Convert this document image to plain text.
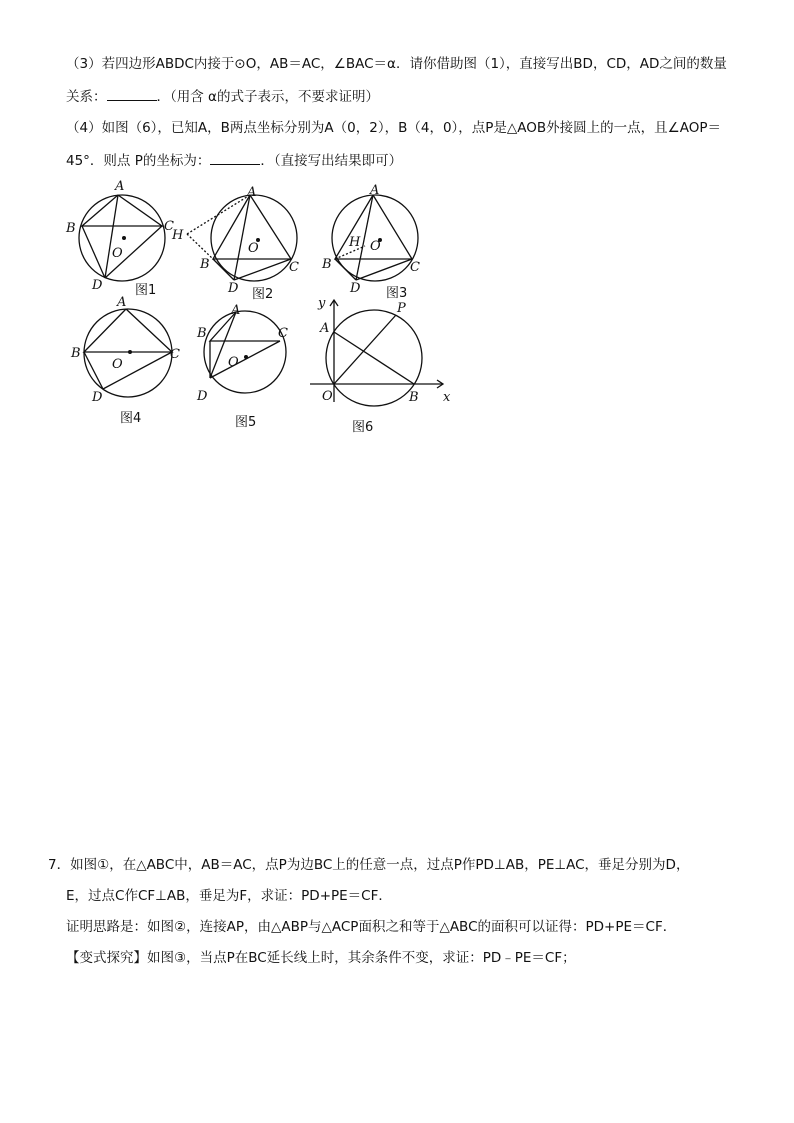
（3）若四边形ABDC内接于⊙O，AB＝AC，∠BAC＝α．请你借助图（1），直接写出BD，CD，AD之间的数量
关系：	．（用含 α的式子表示，不要求证明）
（4）如图（6），已知A，B两点坐标分别为A（0，2），B（4，0），点P是△AOB外接圆上的一点，且∠AOP＝
45°．则点 P的坐标为：	．（直接写出结果即可）
A
B	C
D
O
图1
A
H
B	C
D
O
图2
A
H
B	C
D
O
图3
A
B	C
D
O
图4
A
B	C
D
O
图5
y
A
P
O	B x
图6
7．如图①，在△ABC中，AB＝AC，点P为边BC上的任意一点，过点P作PD⊥AB，PE⊥AC，垂足分别为D，
E，过点C作CF⊥AB，垂足为F，求证：PD+PE＝CF．
证明思路是：如图②，连接AP，由△ABP与△ACP面积之和等于△ABC的面积可以证得：PD+PE＝CF．
【变式探究】如图③，当点P在BC延长线上时，其余条件不变，求证：PD﹣PE＝CF；
